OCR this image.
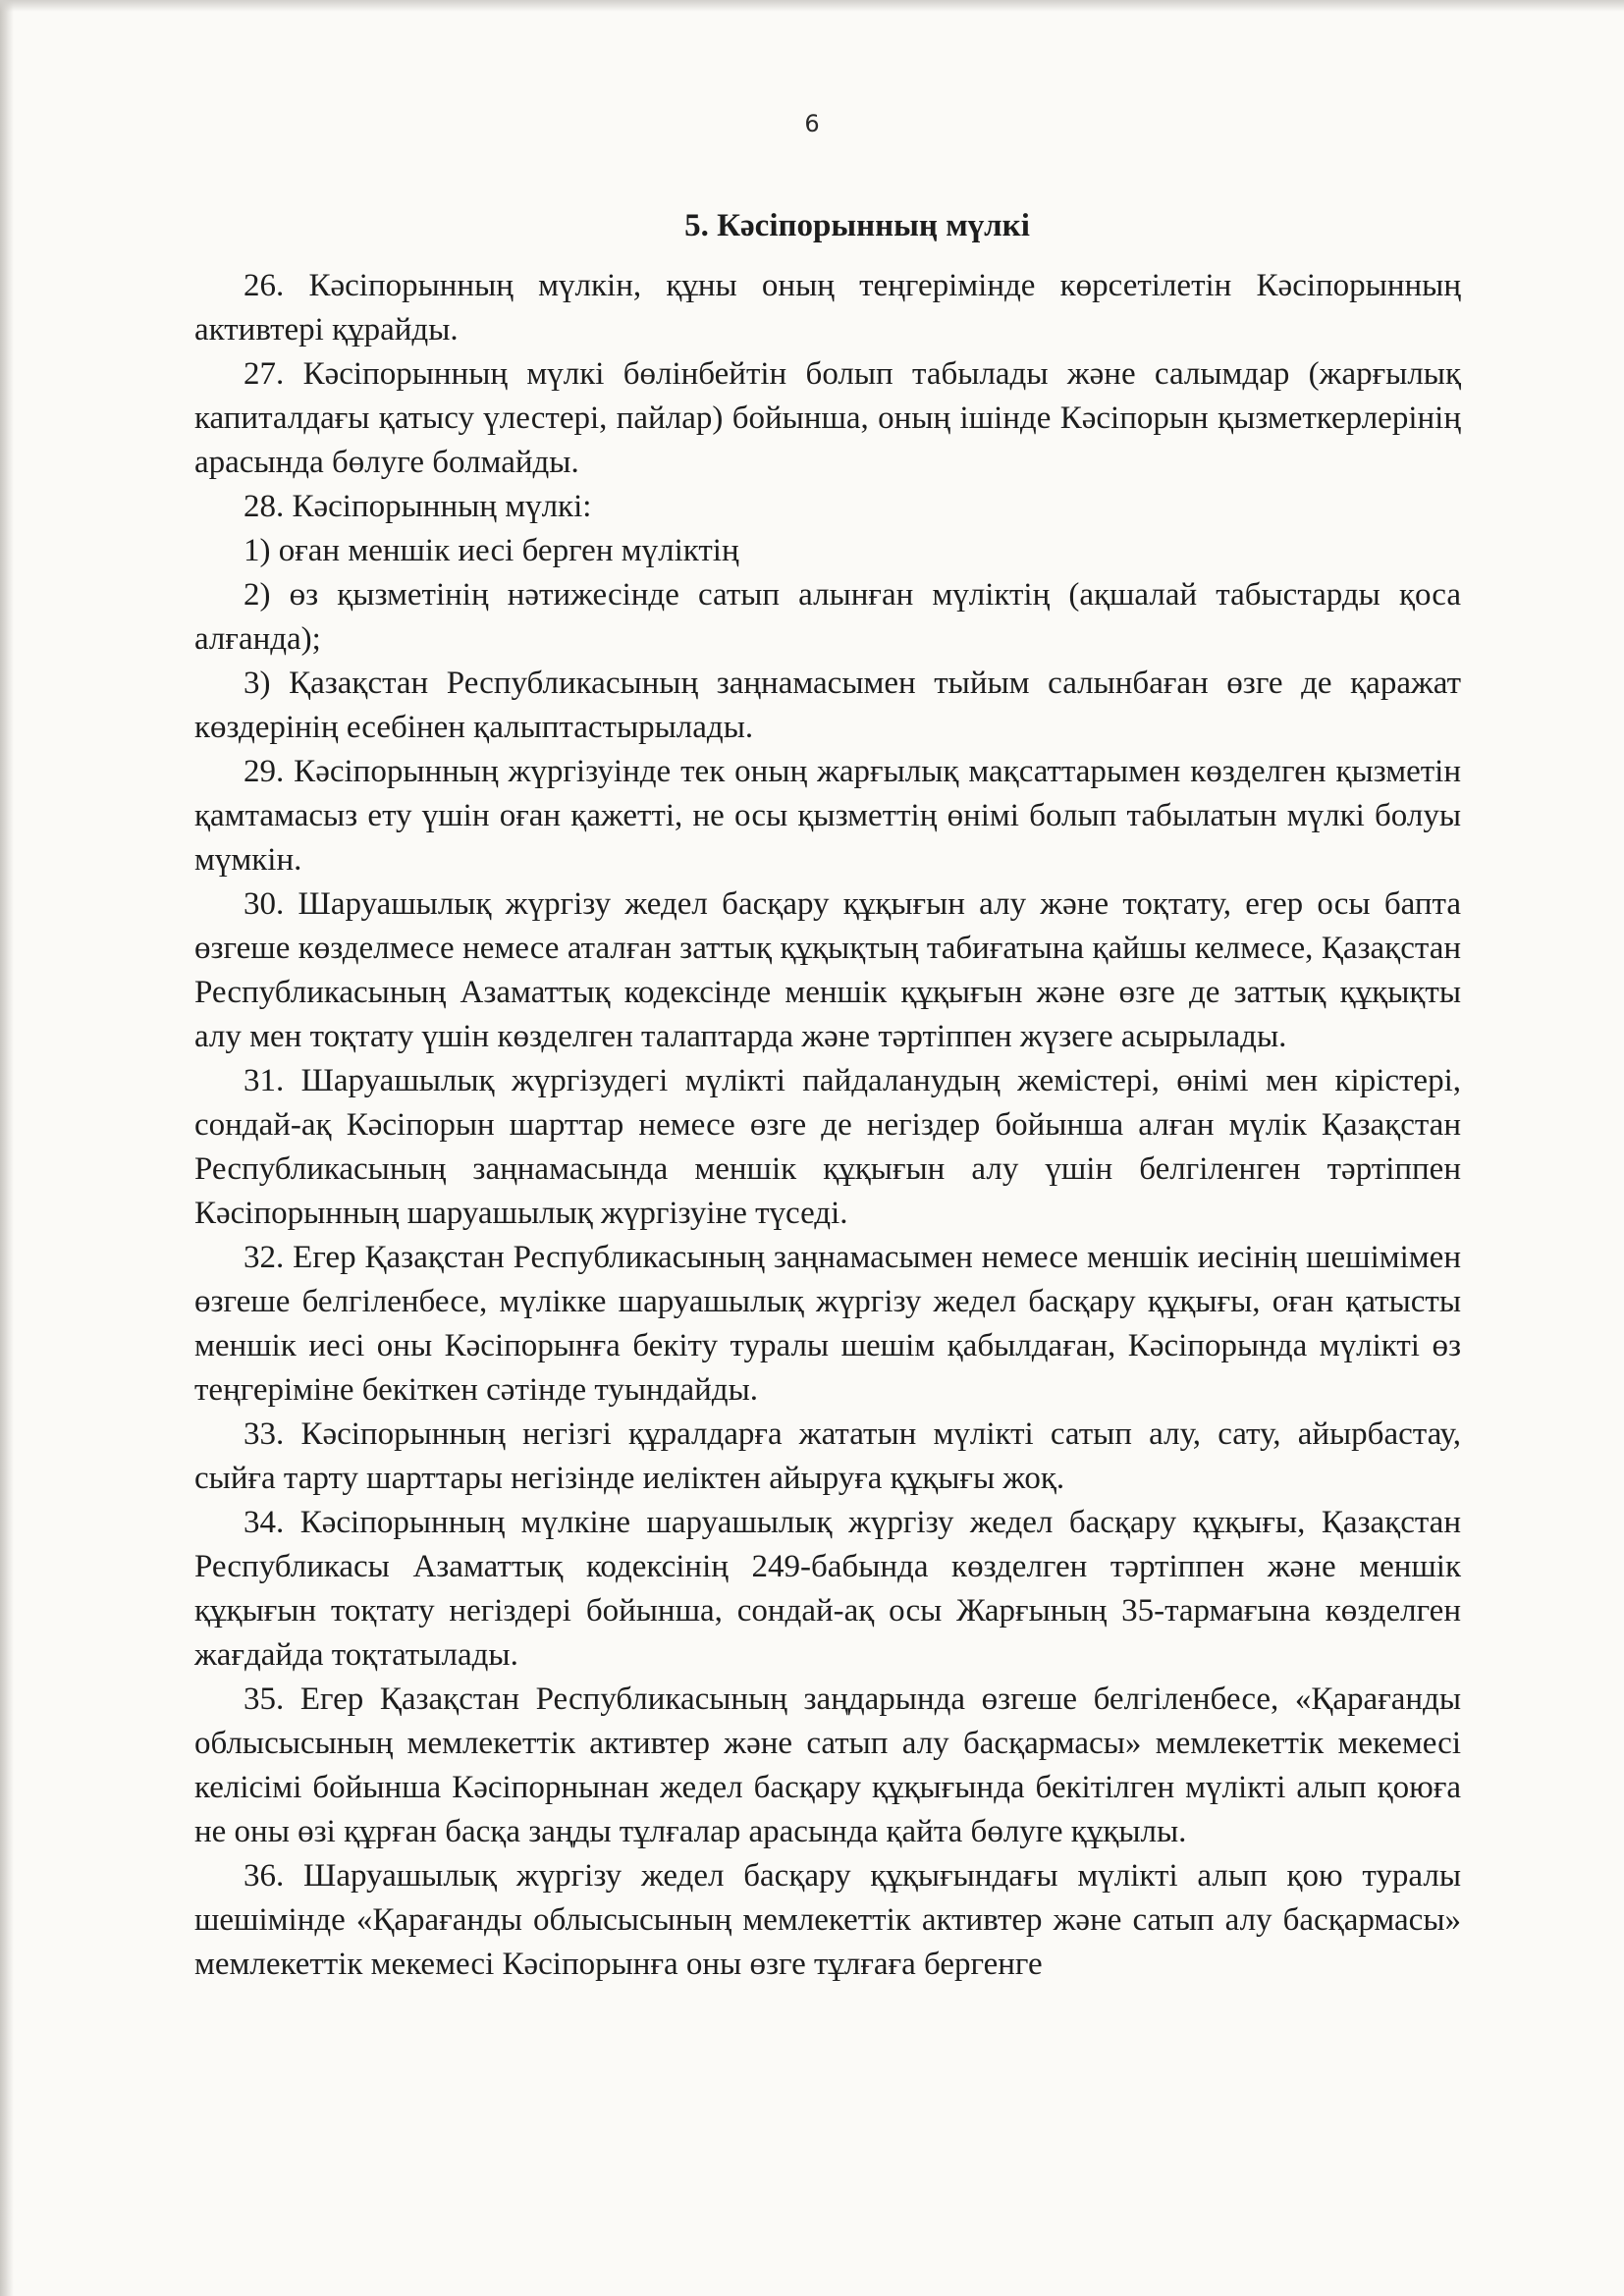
6
5. Кәсіпорынның мүлкі

26. Кәсіпорынның мүлкін, құны оның теңгерімінде көрсетілетін Кәсіпорынның активтері құрайды.

27. Кәсіпорынның мүлкі бөлінбейтін болып табылады және салымдар (жарғылық капиталдағы қатысу үлестері, пайлар) бойынша, оның ішінде Кәсіпорын қызметкерлерінің арасында бөлуге болмайды.

28. Кәсіпорынның мүлкі:

1) оған меншік иесі берген мүліктің

2) өз қызметінің нәтижесінде сатып алынған мүліктің (ақшалай табыстарды қоса алғанда);

3) Қазақстан Республикасының заңнамасымен тыйым салынбаған өзге де қаражат көздерінің есебінен қалыптастырылады.

29. Кәсіпорынның жүргізуінде тек оның жарғылық мақсаттарымен көзделген қызметін қамтамасыз ету үшін оған қажетті, не осы қызметтің өнімі болып табылатын мүлкі болуы мүмкін.

30. Шаруашылық жүргізу жедел басқару құқығын алу және тоқтату, егер осы бапта өзгеше көзделмесе немесе аталған заттық құқықтың табиғатына қайшы келмесе, Қазақстан Республикасының Азаматтық кодексінде меншік құқығын және өзге де заттық құқықты алу мен тоқтату үшін көзделген талаптарда және тәртіппен жүзеге асырылады.

31. Шаруашылық жүргізудегі мүлікті пайдаланудың жемістері, өнімі мен кірістері, сондай-ақ Кәсіпорын шарттар немесе өзге де негіздер бойынша алған мүлік Қазақстан Республикасының заңнамасында меншік құқығын алу үшін белгіленген тәртіппен Кәсіпорынның шаруашылық жүргізуіне түседі.

32. Егер Қазақстан Республикасының заңнамасымен немесе меншік иесінің шешімімен өзгеше белгіленбесе, мүлікке шаруашылық жүргізу жедел басқару құқығы, оған қатысты меншік иесі оны Кәсіпорынға бекіту туралы шешім қабылдаған, Кәсіпорында мүлікті өз теңгеріміне бекіткен сәтінде туындайды.

33. Кәсіпорынның негізгі құралдарға жататын мүлікті сатып алу, сату, айырбастау, сыйға тарту шарттары негізінде иеліктен айыруға құқығы жоқ.

34. Кәсіпорынның мүлкіне шаруашылық жүргізу жедел басқару құқығы, Қазақстан Республикасы Азаматтық кодексінің 249-бабында көзделген тәртіппен және меншік құқығын тоқтату негіздері бойынша, сондай-ақ осы Жарғының 35-тармағына көзделген жағдайда тоқтатылады.

35. Егер Қазақстан Республикасының заңдарында өзгеше белгіленбесе, «Қарағанды облысысының мемлекеттік активтер және сатып алу басқармасы» мемлекеттік мекемесі келісімі бойынша Кәсіпорнынан жедел басқару құқығында бекітілген мүлікті алып қоюға не оны өзі құрған басқа заңды тұлғалар арасында қайта бөлуге құқылы.

36. Шаруашылық жүргізу жедел басқару құқығындағы мүлікті алып қою туралы шешімінде «Қарағанды облысысының мемлекеттік активтер және сатып алу басқармасы» мемлекеттік мекемесі Кәсіпорынға оны өзге тұлғаға бергенге
